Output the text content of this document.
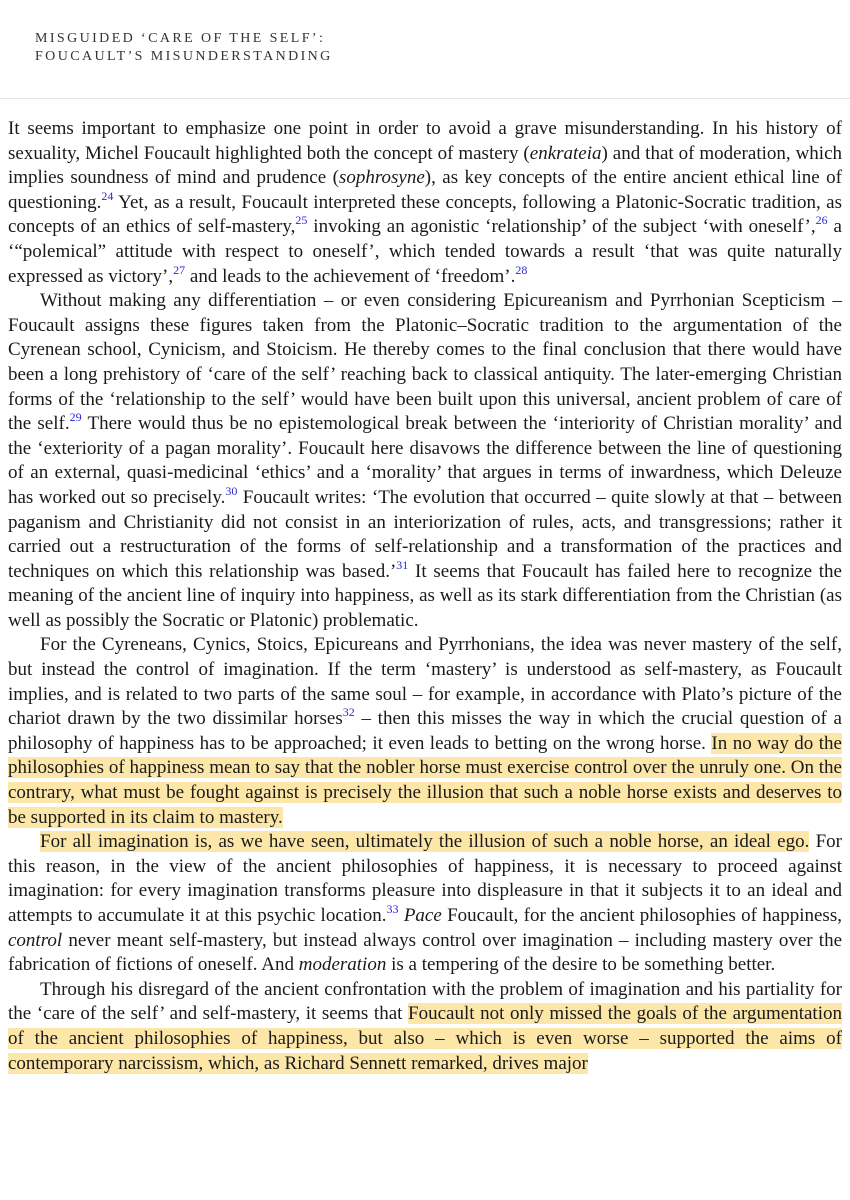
MISGUIDED ‘CARE OF THE SELF’:
FOUCAULT’S MISUNDERSTANDING

It seems important to emphasize one point in order to avoid a grave misunderstanding. In his history of sexuality, Michel Foucault highlighted both the concept of mastery (enkrateia) and that of moderation, which implies soundness of mind and prudence (sophrosyne), as key concepts of the entire ancient ethical line of questioning.$^{24}$ Yet, as a result, Foucault interpreted these concepts, following a Platonic-Socratic tradition, as concepts of an ethics of self-mastery,$^{25}$ invoking an agonistic ‘relationship’ of the subject ‘with oneself’,$^{26}$ a ‘“polemical” attitude with respect to oneself’, which tended towards a result ‘that was quite naturally expressed as victory’,$^{27}$ and leads to the achievement of ‘freedom’.$^{28}$

Without making any differentiation – or even considering Epicureanism and Pyrrhonian Scepticism – Foucault assigns these figures taken from the Platonic–Socratic tradition to the argumentation of the Cyrenean school, Cynicism, and Stoicism. He thereby comes to the final conclusion that there would have been a long prehistory of ‘care of the self’ reaching back to classical antiquity. The later-emerging Christian forms of the ‘relationship to the self’ would have been built upon this universal, ancient problem of care of the self.$^{29}$ There would thus be no epistemological break between the ‘interiority of Christian morality’ and the ‘exteriority of a pagan morality’. Foucault here disavows the difference between the line of questioning of an external, quasi-medicinal ‘ethics’ and a ‘morality’ that argues in terms of inwardness, which Deleuze has worked out so precisely.$^{30}$ Foucault writes: ‘The evolution that occurred – quite slowly at that – between paganism and Christianity did not consist in an interiorization of rules, acts, and transgressions; rather it carried out a restructuration of the forms of self-relationship and a transformation of the practices and techniques on which this relationship was based.’$^{31}$ It seems that Foucault has failed here to recognize the meaning of the ancient line of inquiry into happiness, as well as its stark differentiation from the Christian (as well as possibly the Socratic or Platonic) problematic.

For the Cyreneans, Cynics, Stoics, Epicureans and Pyrrhonians, the idea was never mastery of the self, but instead the control of imagination. If the term ‘mastery’ is understood as self-mastery, as Foucault implies, and is related to two parts of the same soul – for example, in accordance with Plato’s picture of the chariot drawn by the two dissimilar horses$^{32}$ – then this misses the way in which the crucial question of a philosophy of happiness has to be approached; it even leads to betting on the wrong horse. In no way do the philosophies of happiness mean to say that the nobler horse must exercise control over the unruly one. On the contrary, what must be fought against is precisely the illusion that such a noble horse exists and deserves to be supported in its claim to mastery.

For all imagination is, as we have seen, ultimately the illusion of such a noble horse, an ideal ego. For this reason, in the view of the ancient philosophies of happiness, it is necessary to proceed against imagination: for every imagination transforms pleasure into displeasure in that it subjects it to an ideal and attempts to accumulate it at this psychic location.$^{33}$ Pace Foucault, for the ancient philosophies of happiness, control never meant self-mastery, but instead always control over imagination – including mastery over the fabrication of fictions of oneself. And moderation is a tempering of the desire to be something better.

Through his disregard of the ancient confrontation with the problem of imagination and his partiality for the ‘care of the self’ and self-mastery, it seems that Foucault not only missed the goals of the argumentation of the ancient philosophies of happiness, but also – which is even worse – supported the aims of contemporary narcissism, which, as Richard Sennett remarked, drives major
